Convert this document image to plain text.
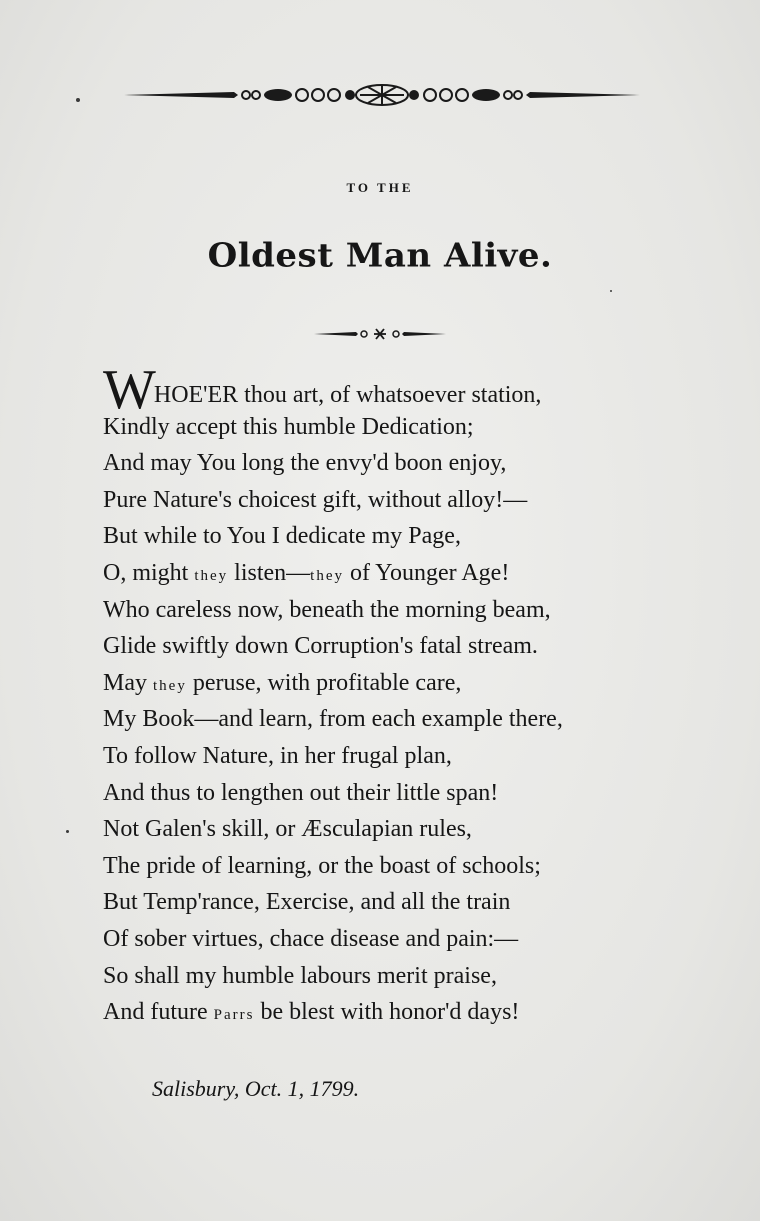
TO THE
Oldest Man Alive.
WHOE'ER thou art, of whatsoever station,
Kindly accept this humble Dedication;
And may You long the envy'd boon enjoy,
Pure Nature's choicest gift, without alloy!—
But while to You I dedicate my Page,
O, might they listen—they of Younger Age!
Who careless now, beneath the morning beam,
Glide swiftly down Corruption's fatal stream.
May they peruse, with profitable care,
My Book—and learn, from each example there,
To follow Nature, in her frugal plan,
And thus to lengthen out their little span!
Not Galen's skill, or Æsculapian rules,
The pride of learning, or the boast of schools;
But Temp'rance, Exercise, and all the train
Of sober virtues, chace disease and pain:—
So shall my humble labours merit praise,
And future Parrs be blest with honor'd days!
Salisbury, Oct. 1, 1799.
